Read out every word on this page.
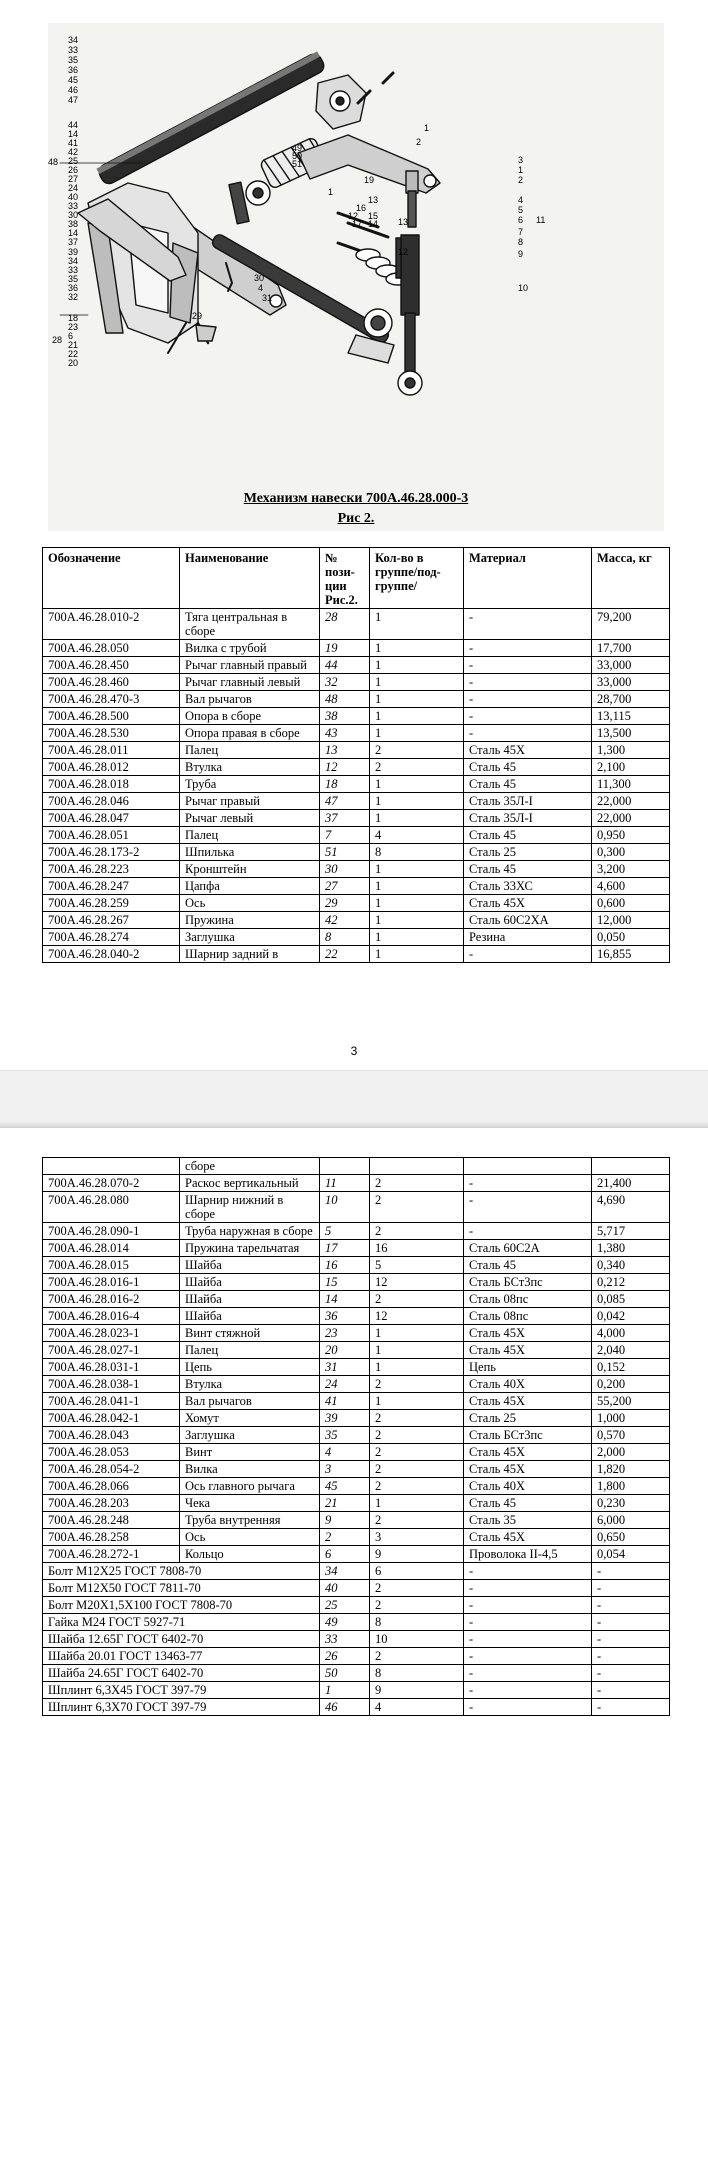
34
33
35
36
45
46
47
44
14
41
42
25
26
27
24
40
33
30
38
14
37
48
39
34
33
35
36
32
18
23
6
21
22
20
28
1
2
3
1
2
4
5
6 11
7
8
9
10
19
1
13
16
12 15
14
17	13
12
49
50
51
29
30
4
31
Механизм навески 700А.46.28.000-3
Рис 2.
Обозначение	Наименование	№ пози-ции Рис.2.	Кол-во в группе/под-группе/	Материал	Масса, кг
700А.46.28.010-2	Тяга центральная в сборе	28	1	-	79,200
700А.46.28.050	Вилка с трубой	19	1	-	17,700
700А.46.28.450	Рычаг главный правый	44	1	-	33,000
700А.46.28.460	Рычаг главный левый	32	1	-	33,000
700А.46.28.470-3	Вал рычагов	48	1	-	28,700
700А.46.28.500	Опора в сборе	38	1	-	13,115
700А.46.28.530	Опора правая в сборе	43	1	-	13,500
700А.46.28.011	Палец	13	2	Сталь 45Х	1,300
700А.46.28.012	Втулка	12	2	Сталь 45	2,100
700А.46.28.018	Труба	18	1	Сталь 45	11,300
700А.46.28.046	Рычаг правый	47	1	Сталь 35Л-I	22,000
700А.46.28.047	Рычаг левый	37	1	Сталь 35Л-I	22,000
700А.46.28.051	Палец	7	4	Сталь 45	0,950
700А.46.28.173-2	Шпилька	51	8	Сталь 25	0,300
700А.46.28.223	Кронштейн	30	1	Сталь 45	3,200
700А.46.28.247	Цапфа	27	1	Сталь 33ХС	4,600
700А.46.28.259	Ось	29	1	Сталь 45Х	0,600
700А.46.28.267	Пружина	42	1	Сталь 60С2ХА	12,000
700А.46.28.274	Заглушка	8	1	Резина	0,050
700А.46.28.040-2	Шарнир задний в	22	1	-	16,855
3
	сборе				
700А.46.28.070-2	Раскос вертикальный	11	2	-	21,400
700А.46.28.080	Шарнир нижний в сборе	10	2	-	4,690
700А.46.28.090-1	Труба наружная в сборе	5	2	-	5,717
700А.46.28.014	Пружина тарельчатая	17	16	Сталь 60С2А	1,380
700А.46.28.015	Шайба	16	5	Сталь 45	0,340
700А.46.28.016-1	Шайба	15	12	Сталь БСт3пс	0,212
700А.46.28.016-2	Шайба	14	2	Сталь 08пс	0,085
700А.46.28.016-4	Шайба	36	12	Сталь 08пс	0,042
700А.46.28.023-1	Винт стяжной	23	1	Сталь 45Х	4,000
700А.46.28.027-1	Палец	20	1	Сталь 45Х	2,040
700А.46.28.031-1	Цепь	31	1	Цепь	0,152
700А.46.28.038-1	Втулка	24	2	Сталь 40Х	0,200
700А.46.28.041-1	Вал рычагов	41	1	Сталь 45Х	55,200
700А.46.28.042-1	Хомут	39	2	Сталь 25	1,000
700А.46.28.043	Заглушка	35	2	Сталь БСт3пс	0,570
700А.46.28.053	Винт	4	2	Сталь 45Х	2,000
700А.46.28.054-2	Вилка	3	2	Сталь 45Х	1,820
700А.46.28.066	Ось главного рычага	45	2	Сталь 40Х	1,800
700А.46.28.203	Чека	21	1	Сталь 45	0,230
700А.46.28.248	Труба внутренняя	9	2	Сталь 35	6,000
700А.46.28.258	Ось	2	3	Сталь 45Х	0,650
700А.46.28.272-1	Кольцо	6	9	Проволока II-4,5	0,054
Болт М12Х25 ГОСТ 7808-70		34	6	-	-
Болт М12Х50 ГОСТ 7811-70		40	2	-	-
Болт М20Х1,5Х100 ГОСТ 7808-70		25	2	-	-
Гайка М24 ГОСТ 5927-71		49	8	-	-
Шайба 12.65Г ГОСТ 6402-70		33	10	-	-
Шайба 20.01 ГОСТ 13463-77		26	2	-	-
Шайба 24.65Г ГОСТ 6402-70		50	8	-	-
Шплинт 6,3Х45 ГОСТ 397-79		1	9	-	-
Шплинт 6,3Х70 ГОСТ 397-79		46	4	-	-
